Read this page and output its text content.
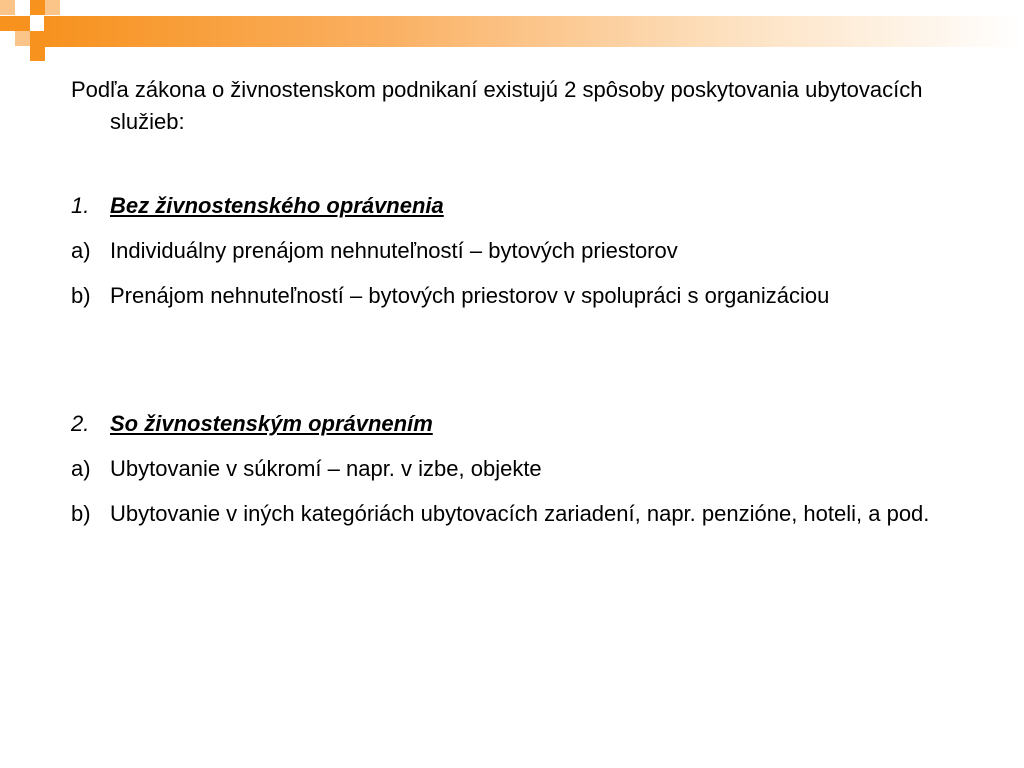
Podľa zákona o živnostenskom podnikaní existujú 2 spôsoby poskytovania ubytovacích služieb:

1. Bez živnostenského oprávnenia
a) Individuálny prenájom nehnuteľností – bytových priestorov
b) Prenájom nehnuteľností – bytových priestorov v spolupráci s organizáciou
2. So živnostenským oprávnením
a) Ubytovanie v súkromí – napr. v izbe, objekte
b) Ubytovanie v iných kategóriách ubytovacích zariadení, napr. penzióne, hoteli, a pod.
